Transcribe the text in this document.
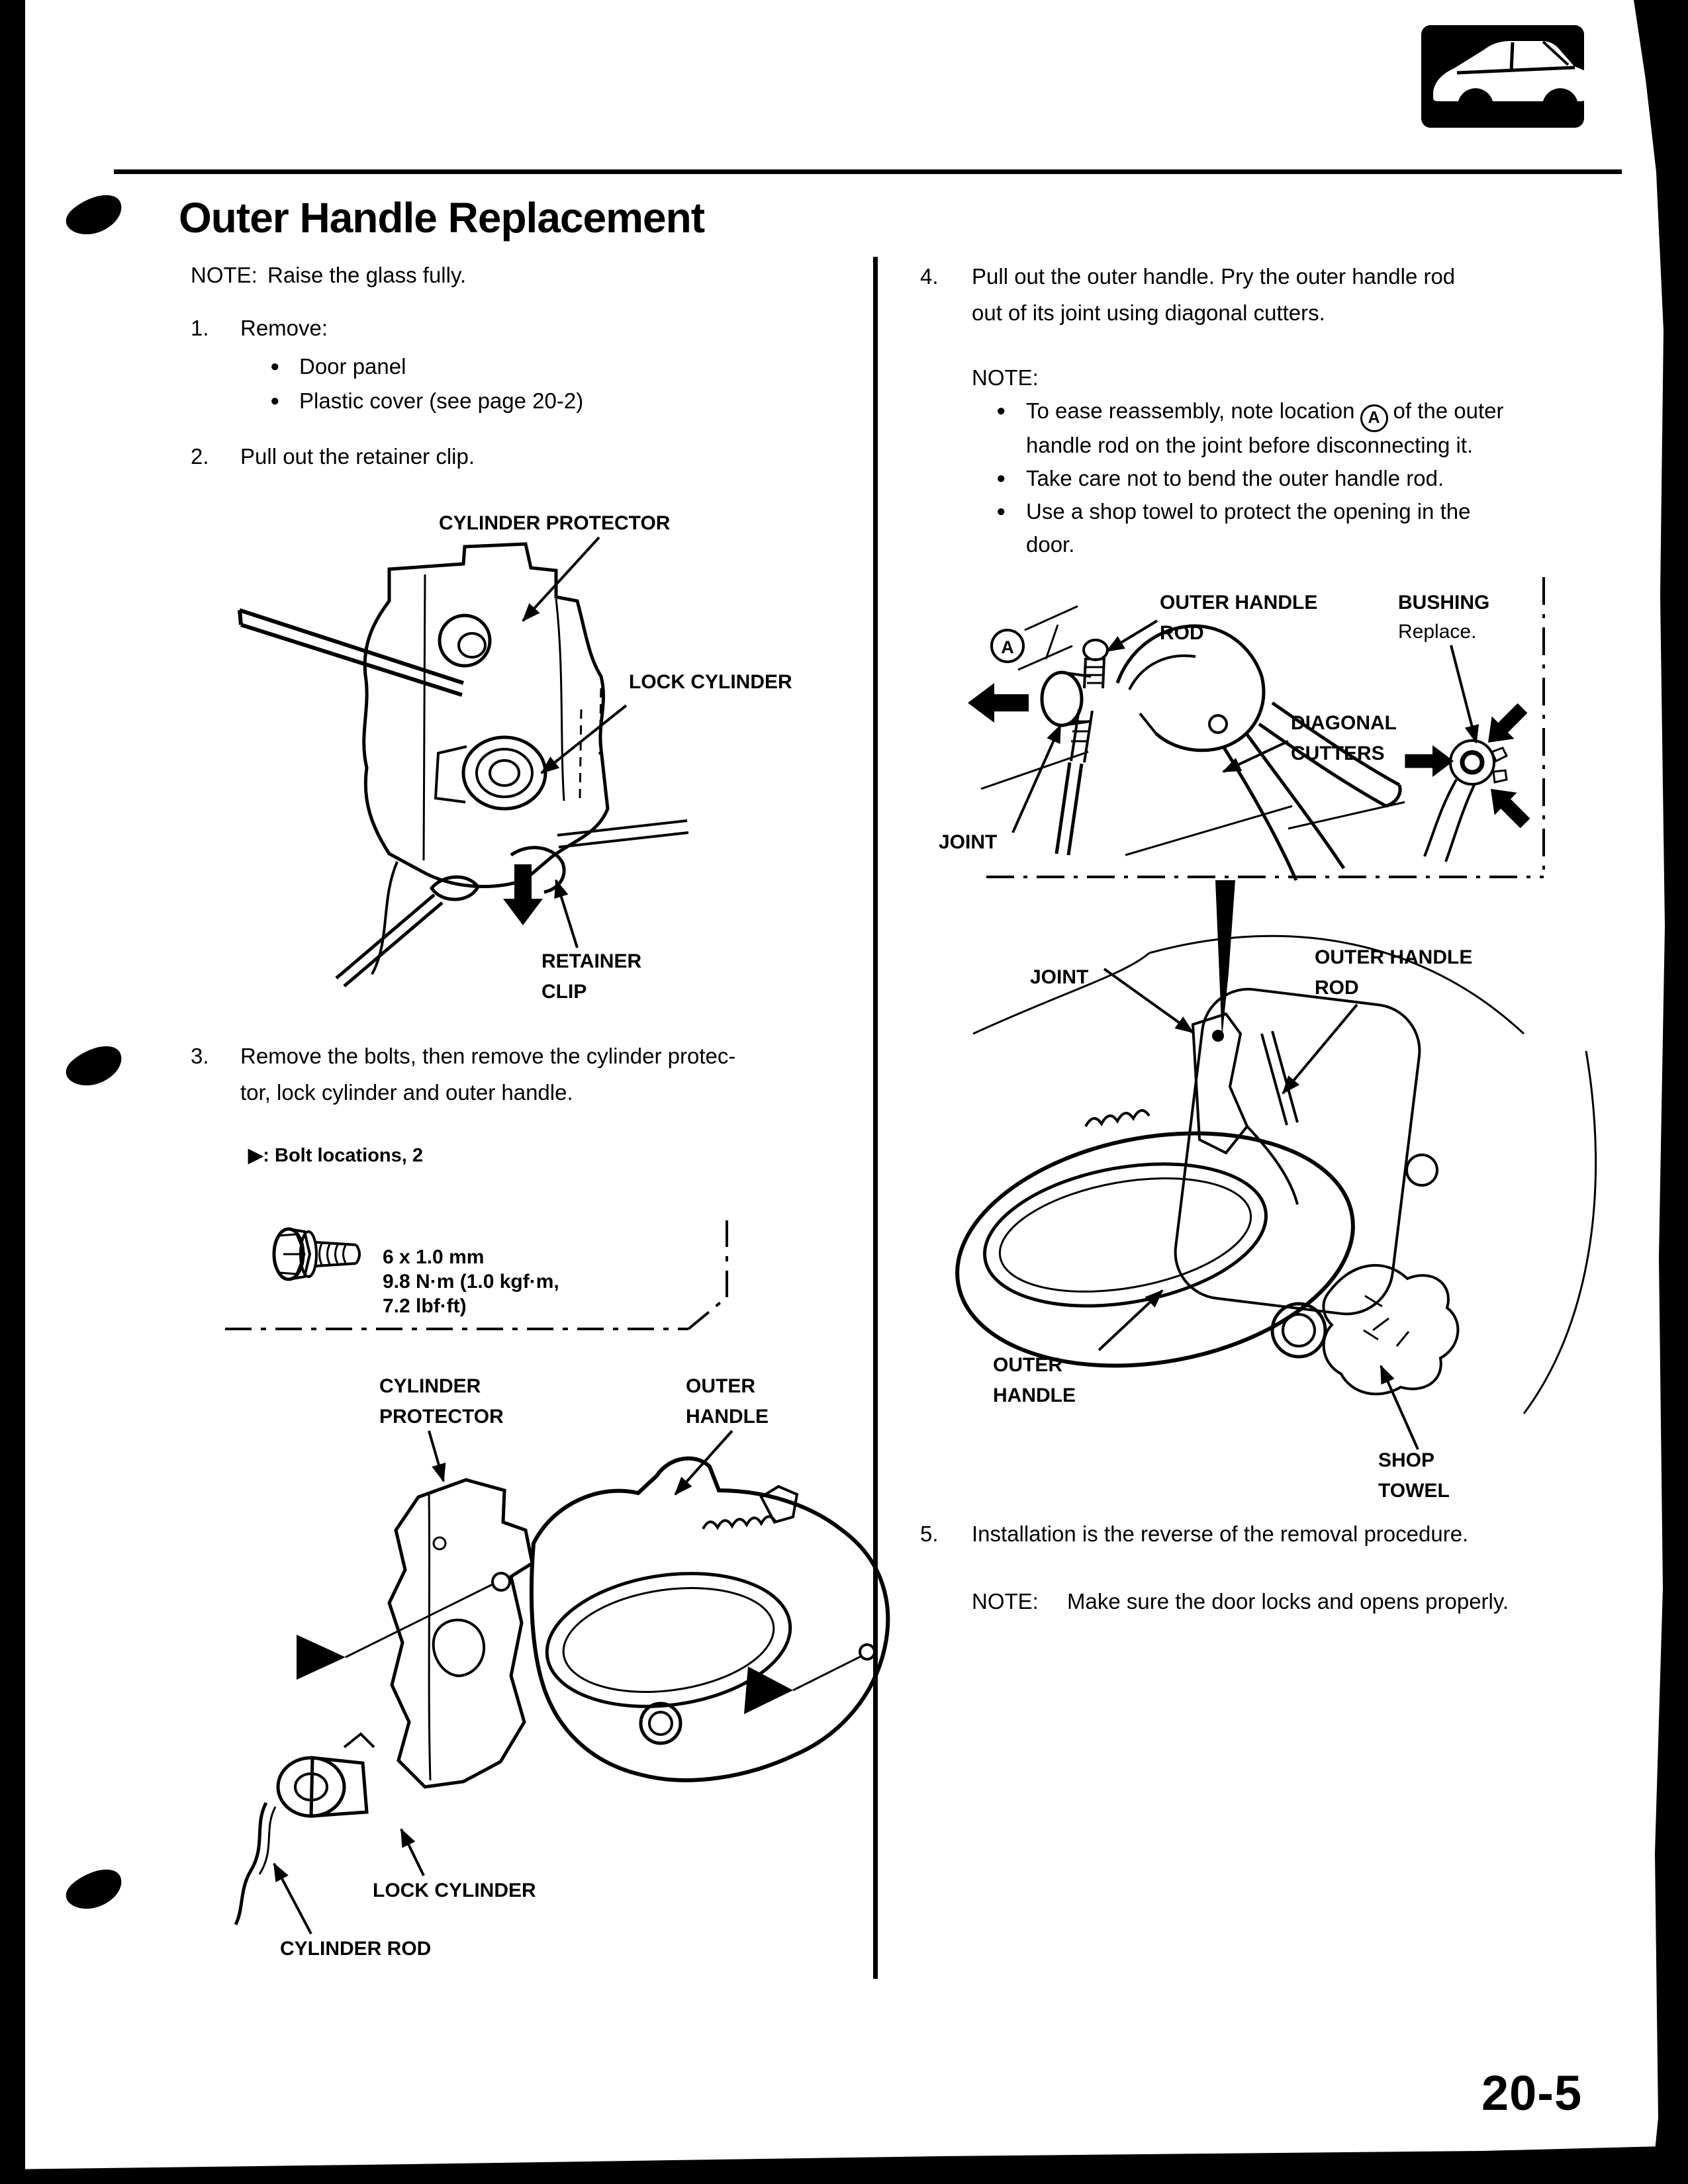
Outer Handle Replacement
NOTE: Raise the glass fully.
1. Remove:
● Door panel
● Plastic cover (see page 20-2)
2. Pull out the retainer clip.
CYLINDER PROTECTOR
LOCK CYLINDER
RETAINER
CLIP
3. Remove the bolts, then remove the cylinder protec-
tor, lock cylinder and outer handle.
▶: Bolt locations, 2
6 x 1.0 mm
9.8 N·m (1.0 kgf·m,
7.2 lbf·ft)
CYLINDER
PROTECTOR
OUTER
HANDLE
LOCK CYLINDER
CYLINDER ROD
4. Pull out the outer handle. Pry the outer handle rod
out of its joint using diagonal cutters.
NOTE:
● To ease reassembly, note location A of the outer
handle rod on the joint before disconnecting it.
● Take care not to bend the outer handle rod.
● Use a shop towel to protect the opening in the
door.
OUTER HANDLE
ROD
BUSHING
Replace.
DIAGONAL
CUTTERS
JOINT
A
JOINT
OUTER HANDLE
ROD
OUTER
HANDLE
SHOP
TOWEL
5. Installation is the reverse of the removal procedure.
NOTE: Make sure the door locks and opens properly.
20-5
